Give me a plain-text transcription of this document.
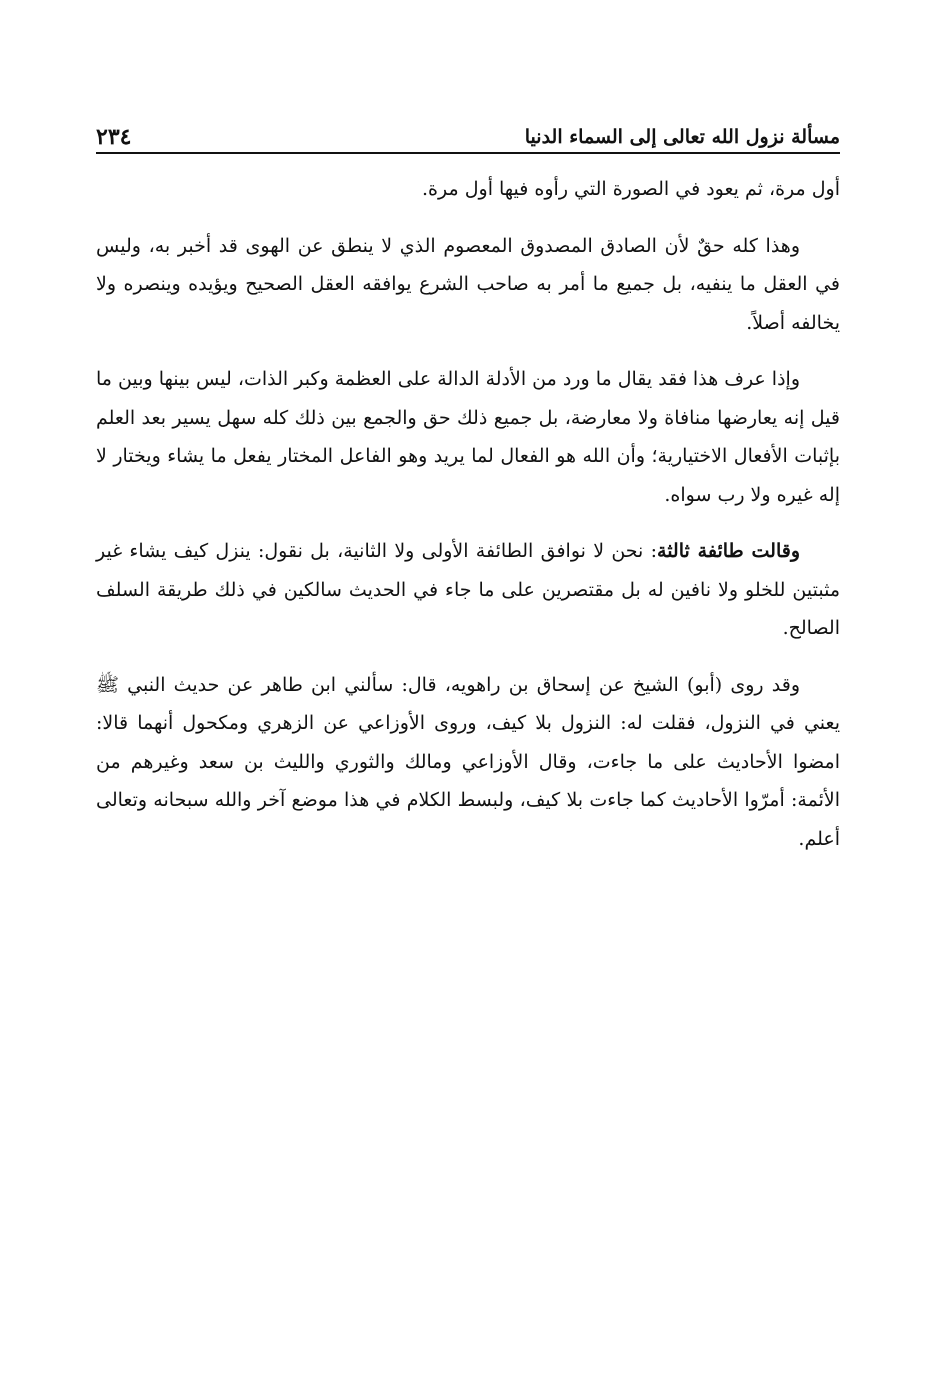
مسألة نزول الله تعالى إلى السماء الدنيا
٢٣٤

أول مرة، ثم يعود في الصورة التي رأوه فيها أول مرة.

وهذا كله حقٌ لأن الصادق المصدوق المعصوم الذي لا ينطق عن الهوى قد أخبر به، وليس في العقل ما ينفيه، بل جميع ما أمر به صاحب الشرع يوافقه العقل الصحيح ويؤيده وينصره ولا يخالفه أصلاً.

وإذا عرف هذا فقد يقال ما ورد من الأدلة الدالة على العظمة وكبر الذات، ليس بينها وبين ما قيل إنه يعارضها منافاة ولا معارضة، بل جميع ذلك حق والجمع بين ذلك كله سهل يسير بعد العلم بإثبات الأفعال الاختيارية؛ وأن الله هو الفعال لما يريد وهو الفاعل المختار يفعل ما يشاء ويختار لا إله غيره ولا رب سواه.

وقالت طائفة ثالثة: نحن لا نوافق الطائفة الأولى ولا الثانية، بل نقول: ينزل كيف يشاء غير مثبتين للخلو ولا نافين له بل مقتصرين على ما جاء في الحديث سالكين في ذلك طريقة السلف الصالح.

وقد روى (أبو) الشيخ عن إسحاق بن راهويه، قال: سألني ابن طاهر عن حديث النبي ﷺ يعني في النزول، فقلت له: النزول بلا كيف، وروى الأوزاعي عن الزهري ومكحول أنهما قالا: امضوا الأحاديث على ما جاءت، وقال الأوزاعي ومالك والثوري والليث بن سعد وغيرهم من الأئمة: أمرّوا الأحاديث كما جاءت بلا كيف، ولبسط الكلام في هذا موضع آخر والله سبحانه وتعالى أعلم.
